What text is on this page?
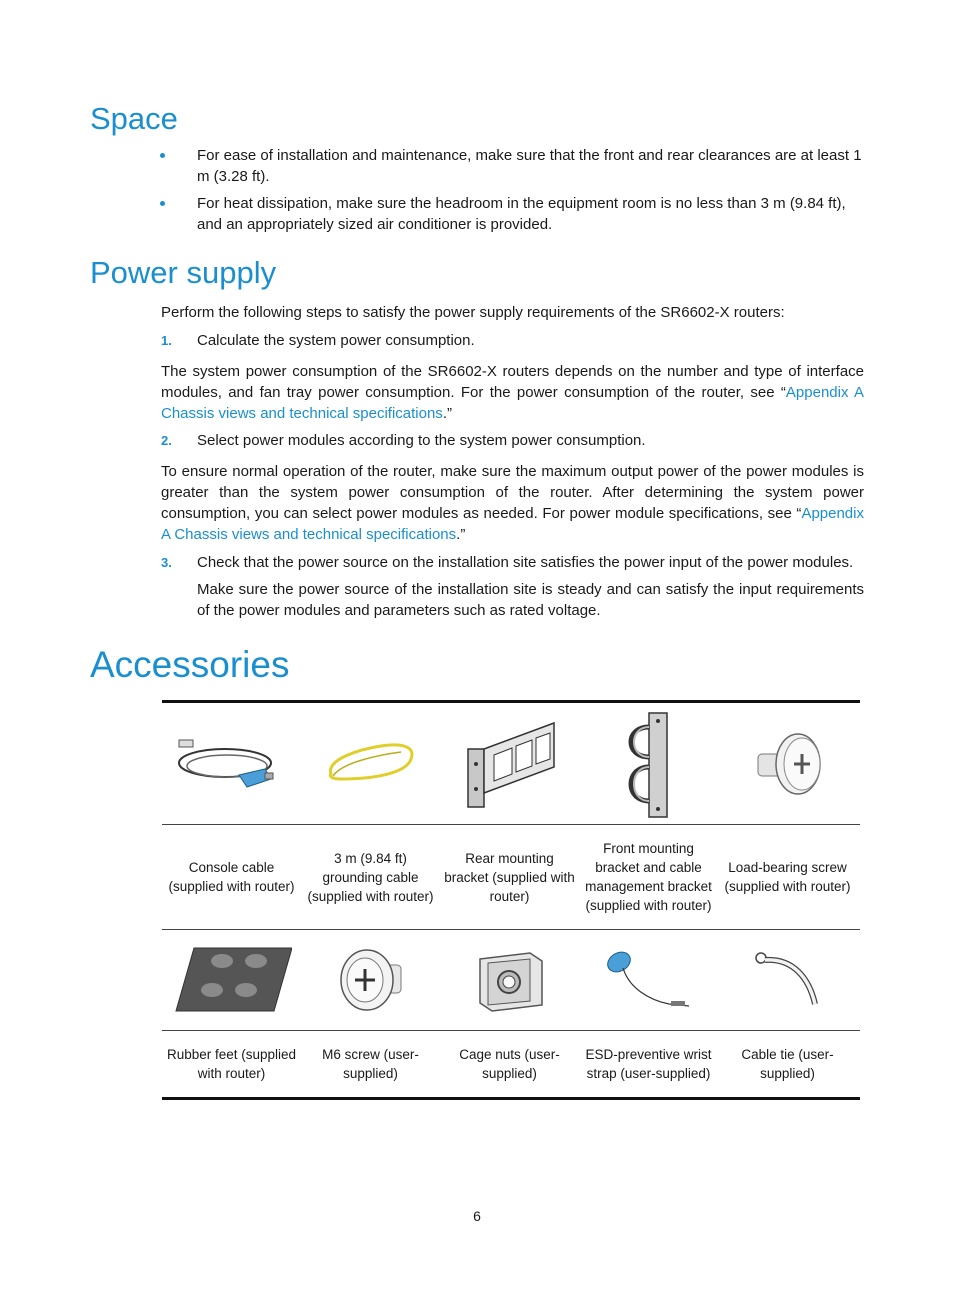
Space
For ease of installation and maintenance, make sure that the front and rear clearances are at least 1 m (3.28 ft).
For heat dissipation, make sure the headroom in the equipment room is no less than 3 m (9.84 ft), and an appropriately sized air conditioner is provided.
Power supply

Perform the following steps to satisfy the power supply requirements of the SR6602-X routers:

1. Calculate the system power consumption.

The system power consumption of the SR6602-X routers depends on the number and type of interface modules, and fan tray power consumption. For the power consumption of the router, see “Appendix A Chassis views and technical specifications.”

2. Select power modules according to the system power consumption.

To ensure normal operation of the router, make sure the maximum output power of the power modules is greater than the system power consumption of the router. After determining the system power consumption, you can select power modules as needed. For power module specifications, see “Appendix A Chassis views and technical specifications.”

3. Check that the power source on the installation site satisfies the power input of the power modules.

Make sure the power source of the installation site is steady and can satisfy the input requirements of the power modules and parameters such as rated voltage.

Accessories
Console cable (supplied with router)
3 m (9.84 ft) grounding cable (supplied with router)
Rear mounting bracket (supplied with router)
Front mounting bracket and cable management bracket (supplied with router)
Load-bearing screw (supplied with router)
Rubber feet (supplied with router)
M6 screw (user-supplied)
Cage nuts (user-supplied)
ESD-preventive wrist strap (user-supplied)
Cable tie (user-supplied)
6
